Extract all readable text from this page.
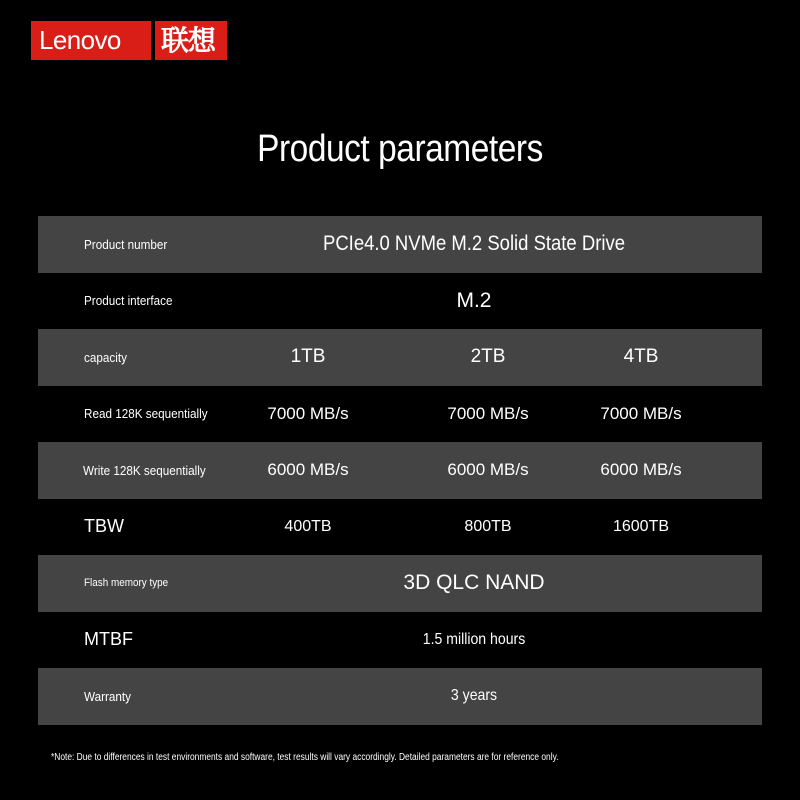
Lenovo	联想
Product parameters
Product number	PCIe4.0 NVMe M.2 Solid State Drive
Product interface	M.2
capacity	1TB	2TB	4TB
Read 128K sequentially	7000 MB/s	7000 MB/s	7000 MB/s
Write 128K sequentially	6000 MB/s	6000 MB/s	6000 MB/s
TBW	400TB	800TB	1600TB
Flash memory type	3D QLC NAND
MTBF	1.5 million hours
Warranty	3 years
*Note: Due to differences in test environments and software, test results will vary accordingly. Detailed parameters are for reference only.
